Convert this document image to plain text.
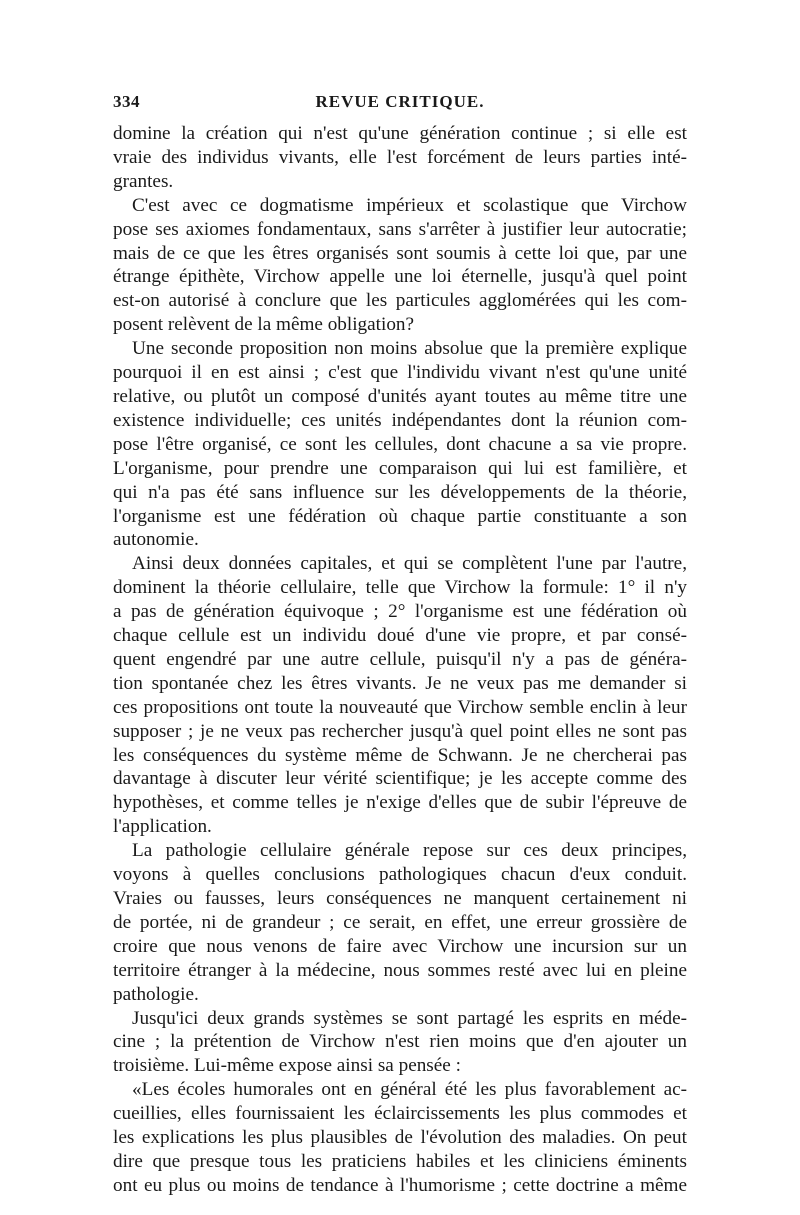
334	REVUE CRITIQUE.

domine la création qui n'est qu'une génération continue ; si elle est
vraie des individus vivants, elle l'est forcément de leurs parties inté-
grantes.

C'est avec ce dogmatisme impérieux et scolastique que Virchow
pose ses axiomes fondamentaux, sans s'arrêter à justifier leur autocratie;
mais de ce que les êtres organisés sont soumis à cette loi que, par une
étrange épithète, Virchow appelle une loi éternelle, jusqu'à quel point
est-on autorisé à conclure que les particules agglomérées qui les com-
posent relèvent de la même obligation?

Une seconde proposition non moins absolue que la première explique
pourquoi il en est ainsi ; c'est que l'individu vivant n'est qu'une unité
relative, ou plutôt un composé d'unités ayant toutes au même titre une
existence individuelle; ces unités indépendantes dont la réunion com-
pose l'être organisé, ce sont les cellules, dont chacune a sa vie propre.
L'organisme, pour prendre une comparaison qui lui est familière, et
qui n'a pas été sans influence sur les développements de la théorie,
l'organisme est une fédération où chaque partie constituante a son
autonomie.

Ainsi deux données capitales, et qui se complètent l'une par l'autre,
dominent la théorie cellulaire, telle que Virchow la formule: 1° il n'y
a pas de génération équivoque ; 2° l'organisme est une fédération où
chaque cellule est un individu doué d'une vie propre, et par consé-
quent engendré par une autre cellule, puisqu'il n'y a pas de généra-
tion spontanée chez les êtres vivants. Je ne veux pas me demander si
ces propositions ont toute la nouveauté que Virchow semble enclin à leur
supposer ; je ne veux pas rechercher jusqu'à quel point elles ne sont pas
les conséquences du système même de Schwann. Je ne chercherai pas
davantage à discuter leur vérité scientifique; je les accepte comme des
hypothèses, et comme telles je n'exige d'elles que de subir l'épreuve de
l'application.

La pathologie cellulaire générale repose sur ces deux principes,
voyons à quelles conclusions pathologiques chacun d'eux conduit.
Vraies ou fausses, leurs conséquences ne manquent certainement ni
de portée, ni de grandeur ; ce serait, en effet, une erreur grossière de
croire que nous venons de faire avec Virchow une incursion sur un
territoire étranger à la médecine, nous sommes resté avec lui en pleine
pathologie.

Jusqu'ici deux grands systèmes se sont partagé les esprits en méde-
cine ; la prétention de Virchow n'est rien moins que d'en ajouter un
troisième. Lui-même expose ainsi sa pensée :

«Les écoles humorales ont en général été les plus favorablement ac-
cueillies, elles fournissaient les éclaircissements les plus commodes et
les explications les plus plausibles de l'évolution des maladies. On peut
dire que presque tous les praticiens habiles et les cliniciens éminents
ont eu plus ou moins de tendance à l'humorisme ; cette doctrine a même
